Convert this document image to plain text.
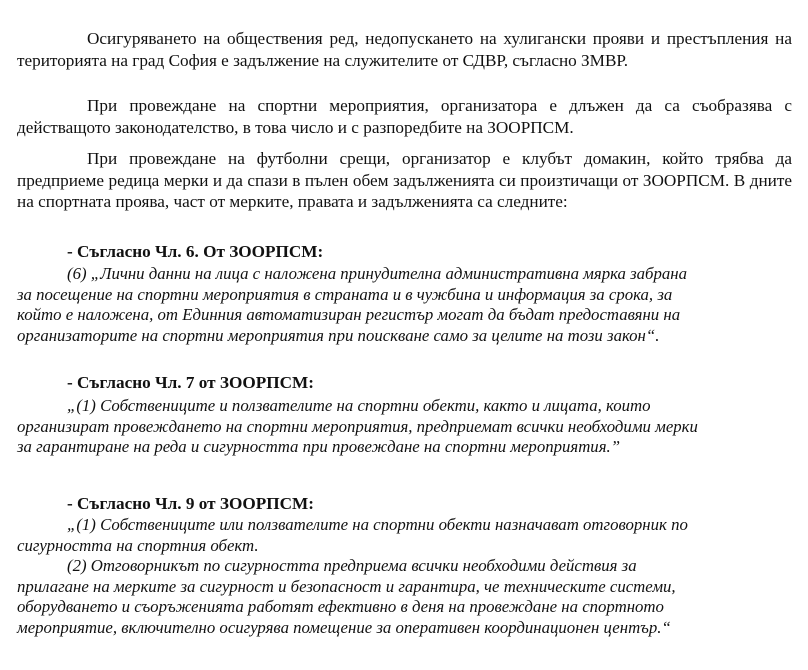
Осигуряването на обществения ред, недопускането на хулигански прояви и престъпления на територията на град София е задължение на служителите от СДВР, съгласно ЗМВР.

При провеждане на спортни мероприятия, организатора е длъжен да са съобразява с действащото законодателство, в това число и с разпоредбите на ЗООРПСМ.

При провеждане на футболни срещи, организатор е клубът домакин, който трябва да предприеме редица мерки и да спази в пълен обем задълженията си произтичащи от ЗООРПСМ. В дните на спортната проява, част от мерките, правата и задълженията са следните:

- Съгласно Чл. 6. От ЗООРПСМ:

(6) „Лични данни на лица с наложена принудителна административна мярка забрана
за посещение на спортни мероприятия в страната и в чужбина и информация за срока, за
който е наложена, от Единния автоматизиран регистър могат да бъдат предоставяни на
организаторите на спортни мероприятия при поискване само за целите на този закон“.

- Съгласно Чл. 7 от ЗООРПСМ:

„(1) Собствениците и ползвателите на спортни обекти, както и лицата, които
организират провеждането на спортни мероприятия, предприемат всички необходими мерки
за гарантиране на реда и сигурността при провеждане на спортни мероприятия.”

- Съгласно Чл. 9 от ЗООРПСМ:

„(1) Собствениците или ползвателите на спортни обекти назначават отговорник по
сигурността на спортния обект.
(2) Отговорникът по сигурността предприема всички необходими действия за
прилагане на мерките за сигурност и безопасност и гарантира, че техническите системи,
оборудването и съоръженията работят ефективно в деня на провеждане на спортното
мероприятие, включително осигурява помещение за оперативен координационен център.“
